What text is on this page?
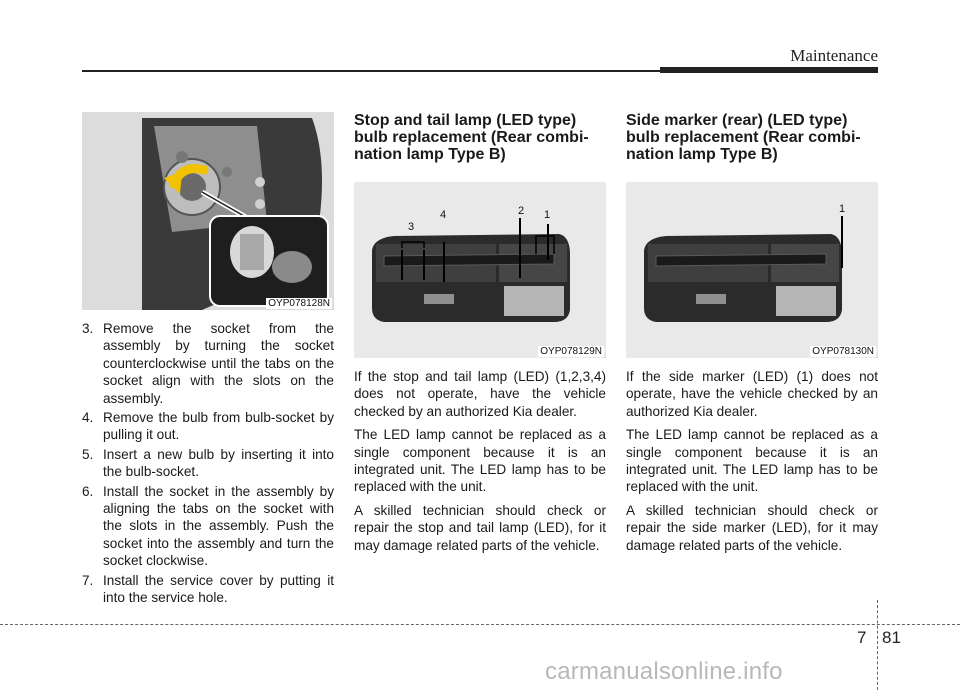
Maintenance
OYP078128N
3. Remove the socket from the assembly by turning the socket counterclockwise until the tabs on the socket align with the slots on the assembly.
4. Remove the bulb from bulb-socket by pulling it out.
5. Insert a new bulb by inserting it into the bulb-socket.
6. Install the socket in the assembly by aligning the tabs on the socket with the slots in the assembly. Push the socket into the assembly and turn the socket clockwise.
7. Install the service cover by putting it into the service hole.
Stop and tail lamp (LED type) bulb replacement (Rear combi-nation lamp Type B)
3
4	2 1
OYP078129N

If the stop and tail lamp (LED) (1,2,3,4) does not operate, have the vehicle checked by an authorized Kia dealer.

The LED lamp cannot be replaced as a single component because it is an integrated unit. The LED lamp has to be replaced with the unit.

A skilled technician should check or repair the stop and tail lamp (LED), for it may damage related parts of the vehicle.

Side marker (rear) (LED type) bulb replacement (Rear combi-nation lamp Type B)
1
OYP078130N

If the side marker (LED) (1) does not operate, have the vehicle checked by an authorized Kia dealer.

The LED lamp cannot be replaced as a single component because it is an integrated unit. The LED lamp has to be replaced with the unit.

A skilled technician should check or repair the side marker (LED), for it may damage related parts of the vehicle.

7 81
carmanualsonline.info
